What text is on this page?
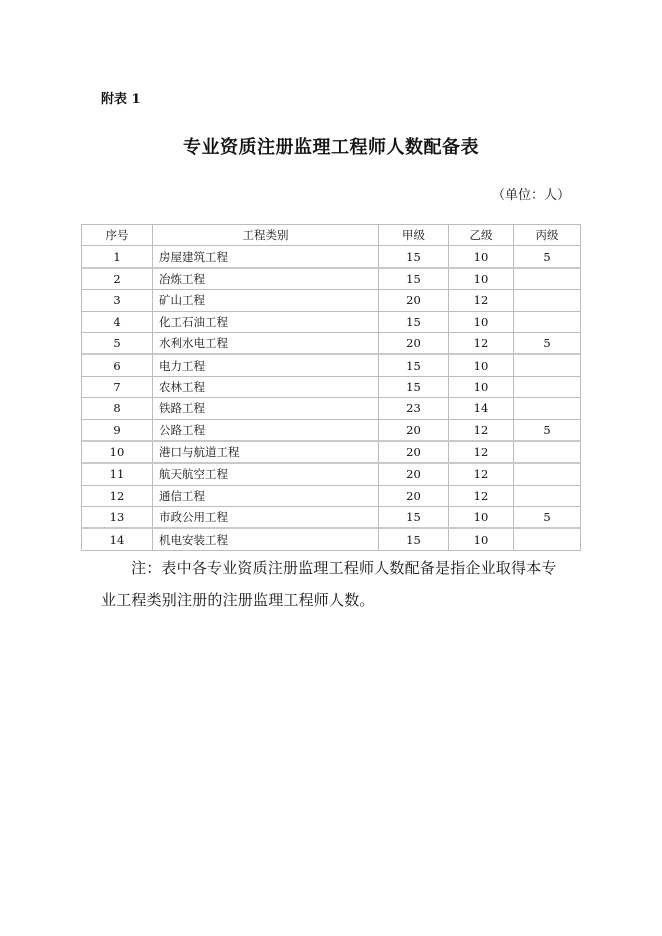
附表 1
专业资质注册监理工程师人数配备表
（单位：人）
序号	工程类别	甲级	乙级	丙级
1	房屋建筑工程	15	10	5
2	冶炼工程	15	10	
3	矿山工程	20	12	
4	化工石油工程	15	10	
5	水利水电工程	20	12	5
6	电力工程	15	10	
7	农林工程	15	10	
8	铁路工程	23	14	
9	公路工程	20	12	5
10	港口与航道工程	20	12	
11	航天航空工程	20	12	
12	通信工程	20	12	
13	市政公用工程	15	10	5
14	机电安装工程	15	10	
注：表中各专业资质注册监理工程师人数配备是指企业取得本专业工程类别注册的注册监理工程师人数。
